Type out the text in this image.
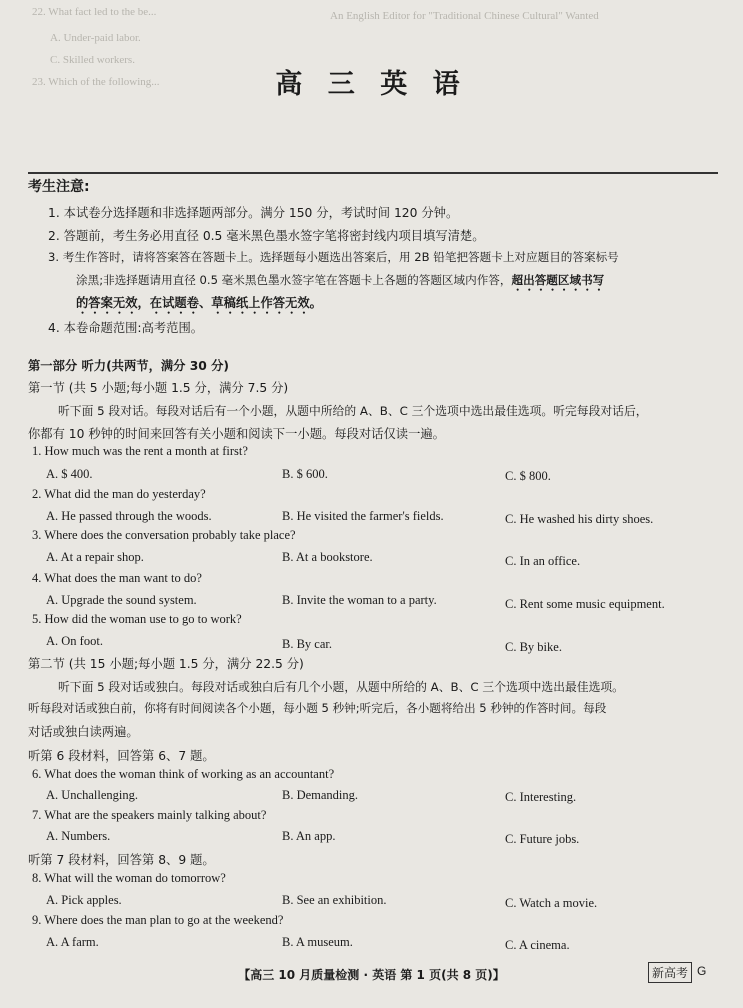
22. What fact led to the be...	An English Editor for "Traditional Chinese Cultural" Wanted
A. Under-paid labor.
C. Skilled workers.
23. Which of the following...	高 三 英 语
考生注意:
1. 本试卷分选择题和非选择题两部分。满分 150 分，考试时间 120 分钟。
2. 答题前，考生务必用直径 0.5 毫米黑色墨水签字笔将密封线内项目填写清楚。
3. 考生作答时，请将答案答在答题卡上。选择题每小题选出答案后，用 2B 铅笔把答题卡上对应题目的答案标号
涂黑;非选择题请用直径 0.5 毫米黑色墨水签字笔在答题卡上各题的答题区域内作答，超出答题区域书写
的答案无效，在试题卷、草稿纸上作答无效。
4. 本卷命题范围:高考范围。
第一部分 听力(共两节，满分 30 分)
第一节 (共 5 小题;每小题 1.5 分，满分 7.5 分)
听下面 5 段对话。每段对话后有一个小题，从题中所给的 A、B、C 三个选项中选出最佳选项。听完每段对话后，
你都有 10 秒钟的时间来回答有关小题和阅读下一小题。每段对话仅读一遍。
1. How much was the rent a month at first?
A. $ 400.	B. $ 600.	C. $ 800.
2. What did the man do yesterday?
A. He passed through the woods.	B. He visited the farmer's fields.	C. He washed his dirty shoes.
3. Where does the conversation probably take place?
A. At a repair shop.	B. At a bookstore.	C. In an office.
4. What does the man want to do?
A. Upgrade the sound system.	B. Invite the woman to a party.	C. Rent some music equipment.
5. How did the woman use to go to work?
A. On foot.	B. By car.	C. By bike.
第二节 (共 15 小题;每小题 1.5 分，满分 22.5 分)
听下面 5 段对话或独白。每段对话或独白后有几个小题，从题中所给的 A、B、C 三个选项中选出最佳选项。
听每段对话或独白前，你将有时间阅读各个小题，每小题 5 秒钟;听完后，各小题将给出 5 秒钟的作答时间。每段
对话或独白读两遍。
听第 6 段材料，回答第 6、7 题。
6. What does the woman think of working as an accountant?
A. Unchallenging.	B. Demanding.	C. Interesting.
7. What are the speakers mainly talking about?
A. Numbers.	B. An app.	C. Future jobs.
听第 7 段材料，回答第 8、9 题。
8. What will the woman do tomorrow?
A. Pick apples.	B. See an exhibition.	C. Watch a movie.
9. Where does the man plan to go at the weekend?
A. A farm.	B. A museum.	C. A cinema.
【高三 10 月质量检测 · 英语 第 1 页(共 8 页)】	新高考 G
